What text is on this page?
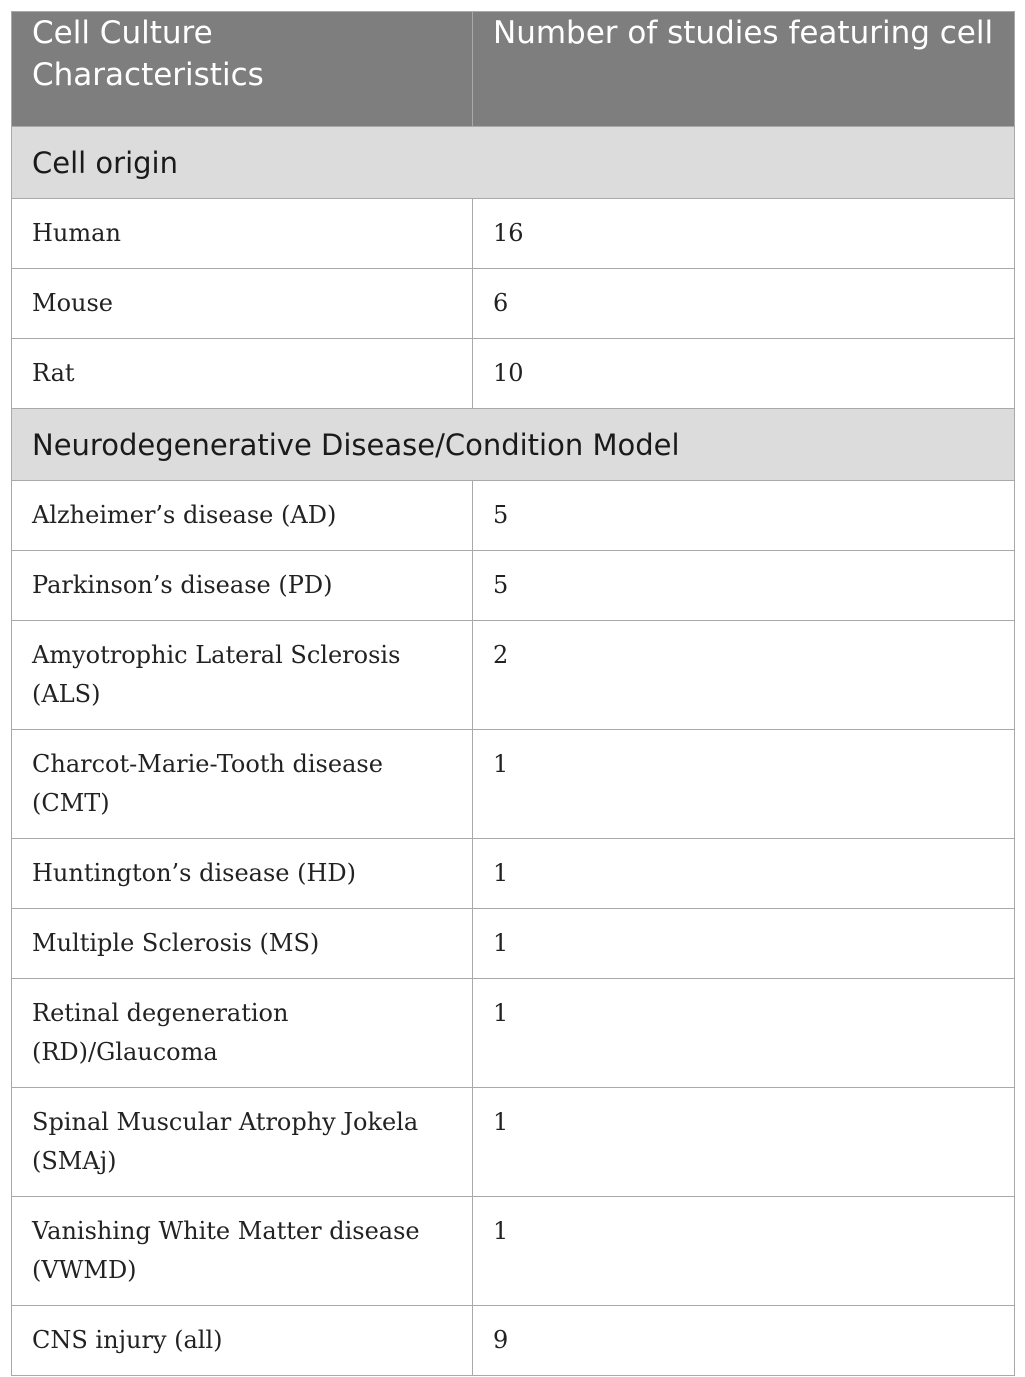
Cell Culture Characteristics	Number of studies featuring cell
Cell origin	
Human	16
Mouse	6
Rat	10
Neurodegenerative Disease/Condition Model	
Alzheimer’s disease (AD)	5
Parkinson’s disease (PD)	5
Amyotrophic Lateral Sclerosis (ALS)	2
Charcot-Marie-Tooth disease (CMT)	1
Huntington’s disease (HD)	1
Multiple Sclerosis (MS)	1
Retinal degeneration (RD)/Glaucoma	1
Spinal Muscular Atrophy Jokela (SMAj)	1
Vanishing White Matter disease (VWMD)	1
CNS injury (all)	9
